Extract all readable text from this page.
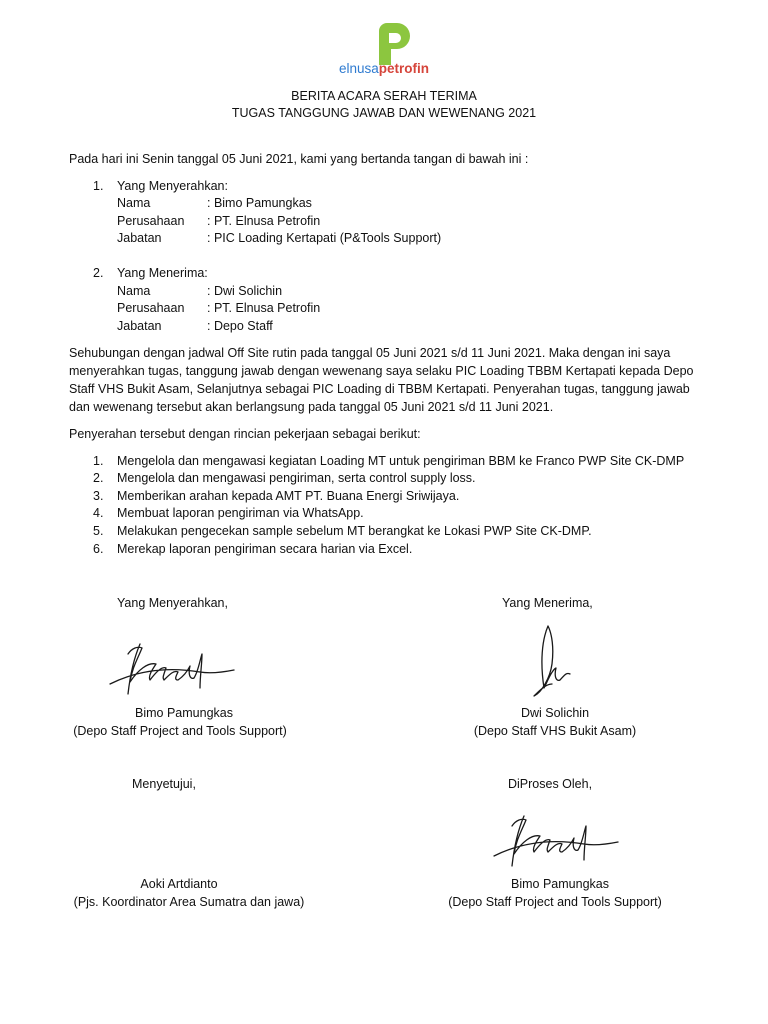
elnusapetrofin
BERITA ACARA SERAH TERIMA
TUGAS TANGGUNG JAWAB DAN WEWENANG 2021
Pada hari ini Senin tanggal 05 Juni 2021, kami yang bertanda tangan di bawah ini :
1. Yang Menyerahkan:
Nama	: Bimo Pamungkas
Perusahaan : PT. Elnusa Petrofin
Jabatan	: PIC Loading Kertapati (P&Tools Support)
2. Yang Menerima:
Nama	: Dwi Solichin
Perusahaan : PT. Elnusa Petrofin
Jabatan	: Depo Staff
Sehubungan dengan jadwal Off Site rutin pada tanggal 05 Juni 2021 s/d 11 Juni 2021. Maka dengan ini saya
menyerahkan tugas, tanggung jawab dengan wewenang saya selaku PIC Loading TBBM Kertapati kepada Depo
Staff VHS Bukit Asam, Selanjutnya sebagai PIC Loading di TBBM Kertapati. Penyerahan tugas, tanggung jawab
dan wewenang tersebut akan berlangsung pada tanggal 05 Juni 2021 s/d 11 Juni 2021.
Penyerahan tersebut dengan rincian pekerjaan sebagai berikut:
1. Mengelola dan mengawasi kegiatan Loading MT untuk pengiriman BBM ke Franco PWP Site CK-DMP
2. Mengelola dan mengawasi pengiriman, serta control supply loss.
3. Memberikan arahan kepada AMT PT. Buana Energi Sriwijaya.
4. Membuat laporan pengiriman via WhatsApp.
5. Melakukan pengecekan sample sebelum MT berangkat ke Lokasi PWP Site CK-DMP.
6. Merekap laporan pengiriman secara harian via Excel.
Yang Menyerahkan,
Bimo Pamungkas
(Depo Staff Project and Tools Support)
Yang Menerima,
Dwi Solichin
(Depo Staff VHS Bukit Asam)
Menyetujui,
Aoki Artdianto
(Pjs. Koordinator Area Sumatra dan jawa)
DiProses Oleh,
Bimo Pamungkas
(Depo Staff Project and Tools Support)
